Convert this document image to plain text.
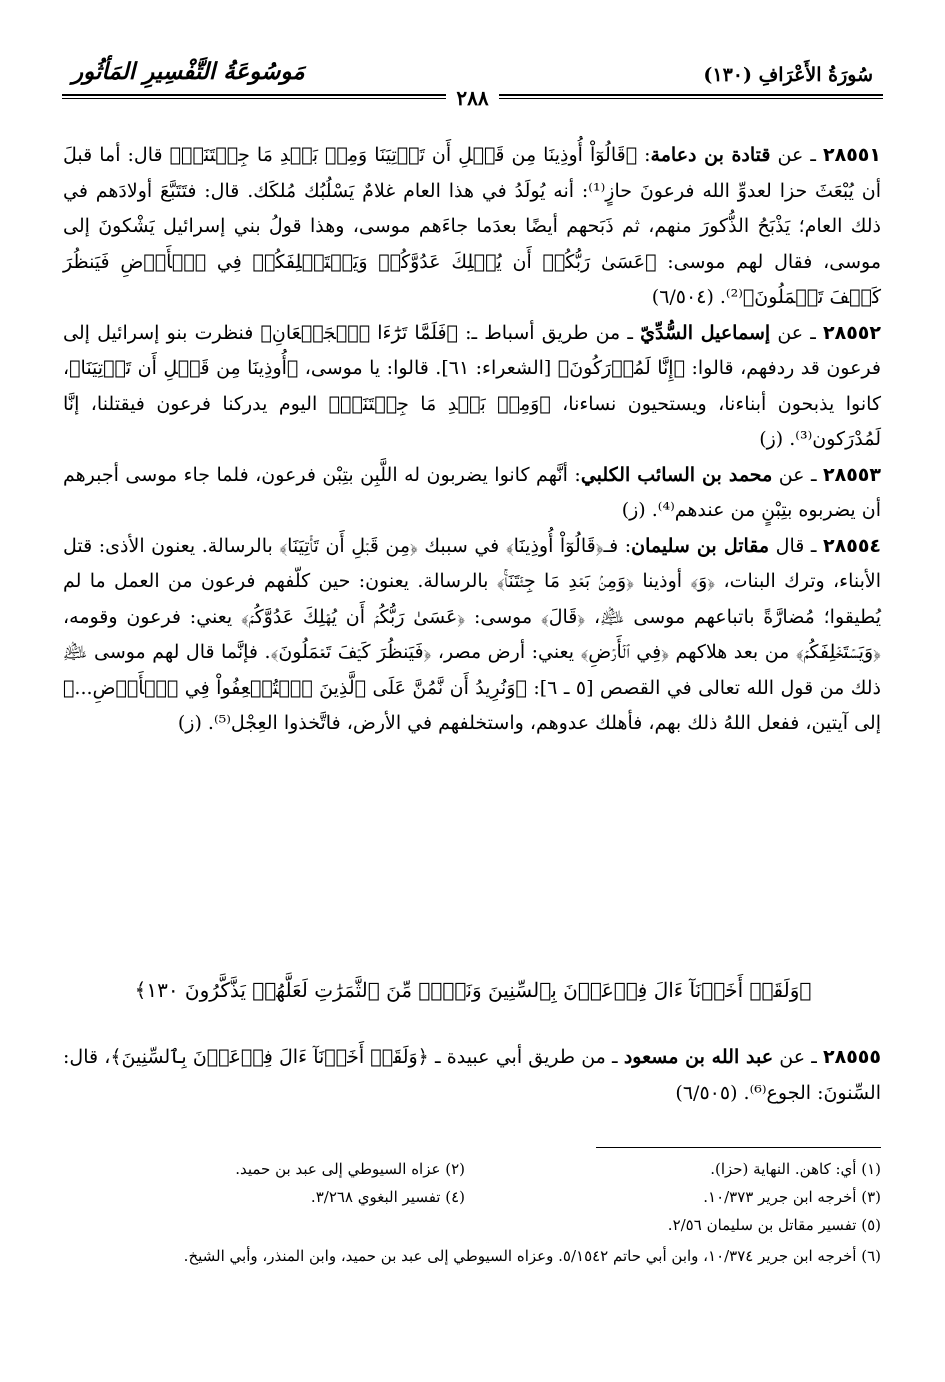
سُورَةُ الأَعْرَافِ (١٣٠)
مَوسُوعَةُ التَّفْسِيرِ المَأثُور
٢٨٨

٢٨٥٥١ ـ عن قتادة بن دعامة: ﴿قَالُوٓاْ أُوذِينَا مِن قَبۡلِ أَن تَأۡتِيَنَا وَمِنۢ بَعۡدِ مَا جِئۡتَنَاۚ﴾ قال: أما قبلَ أن يُبْعَثَ حزا لعدوِّ الله فرعونَ حازٍ⁽¹⁾: أنه يُولَدُ في هذا العام غلامٌ يَسْلُبُك مُلكَك. قال: فتَتَبَّعَ أولادَهم في ذلك العام؛ يَذْبَحُ الذُّكورَ منهم، ثم ذَبَحهم أيضًا بعدَما جاءَهم موسى، وهذا قولُ بني إسرائيل يَشْكونَ إلى موسى، فقال لهم موسى: ﴿عَسَىٰ رَبُّكُمۡ أَن يُهۡلِكَ عَدُوَّكُمۡ وَيَسۡتَخۡلِفَكُمۡ فِي ٱلۡأَرۡضِ فَيَنظُرَ كَيۡفَ تَعۡمَلُونَ﴾⁽²⁾. (٦/٥٠٤)

٢٨٥٥٢ ـ عن إسماعيل السُّدِّيّ ـ من طريق أسباط ـ: ﴿فَلَمَّا تَرَٰٓءَا ٱلۡجَمۡعَانِ﴾ فنظرت بنو إسرائيل إلى فرعون قد ردفهم، قالوا: ﴿إِنَّا لَمُدۡرَكُونَ﴾ [الشعراء: ٦١]. قالوا: يا موسى، ﴿أُوذِينَا مِن قَبۡلِ أَن تَأۡتِيَنَا﴾، كانوا يذبحون أبناءنا، ويستحيون نساءنا، ﴿وَمِنۢ بَعۡدِ مَا جِئۡتَنَاۚ﴾ اليوم يدركنا فرعون فيقتلنا، إنَّا لَمُدْرَكون⁽³⁾. (ز)

٢٨٥٥٣ ـ عن محمد بن السائب الكلبي: أنَّهم كانوا يضربون له اللَّبِن بتِبْن فرعون، فلما جاء موسى أجبرهم أن يضربوه بتِبْنٍ من عندهم⁽⁴⁾. (ز)

٢٨٥٥٤ ـ قال مقاتل بن سليمان: فـ﴿قَالُوٓاْ أُوذِينَا﴾ في سببك ﴿مِن قَبۡلِ أَن تَأۡتِيَنَا﴾ بالرسالة. يعنون الأذى: قتل الأبناء، وترك البنات، ﴿وَ﴾ أوذينا ﴿وَمِنۢ بَعۡدِ مَا جِئۡتَنَاۚ﴾ بالرسالة. يعنون: حين كلّفهم فرعون من العمل ما لم يُطيقوا؛ مُضارَّةً باتباعهم موسى ﵇، ﴿قَالَ﴾ موسى: ﴿عَسَىٰ رَبُّكُمۡ أَن يُهۡلِكَ عَدُوَّكُمۡ﴾ يعني: فرعون وقومه، ﴿وَيَسۡتَخۡلِفَكُمۡ﴾ من بعد هلاكهم ﴿فِي ٱلۡأَرۡضِ﴾ يعني: أرض مصر، ﴿فَيَنظُرَ كَيۡفَ تَعۡمَلُونَ﴾. فإنَّما قال لهم موسى ﵇ ذلك من قول الله تعالى في القصص [٥ ـ ٦]: ﴿وَنُرِيدُ أَن نَّمُنَّ عَلَى ٱلَّذِينَ ٱسۡتُضۡعِفُواْ فِي ٱلۡأَرۡضِ...﴾ إلى آيتين، ففعل اللهُ ذلك بهم، فأهلك عدوهم، واستخلفهم في الأرض، فاتَّخذوا العِجْل⁽⁵⁾. (ز)

﴿وَلَقَدۡ أَخَذۡنَآ ءَالَ فِرۡعَوۡنَ بِٱلسِّنِينَ وَنَقۡصٖ مِّنَ ٱلثَّمَرَٰتِ لَعَلَّهُمۡ يَذَّكَّرُونَ ١٣٠﴾

٢٨٥٥٥ ـ عن عبد الله بن مسعود ـ من طريق أبي عبيدة ـ ﴿وَلَقَدۡ أَخَذۡنَآ ءَالَ فِرۡعَوۡنَ بِٱلسِّنِينَ﴾، قال: السِّنونَ: الجوع⁽⁶⁾. (٦/٥٠٥)

(١) أي: كاهن. النهاية (حزا).
(٢) عزاه السيوطي إلى عبد بن حميد.
(٣) أخرجه ابن جرير ١٠/٣٧٣.
(٤) تفسير البغوي ٣/٢٦٨.
(٥) تفسير مقاتل بن سليمان ٢/٥٦.
(٦) أخرجه ابن جرير ١٠/٣٧٤، وابن أبي حاتم ٥/١٥٤٢. وعزاه السيوطي إلى عبد بن حميد، وابن المنذر، وأبي الشيخ.
